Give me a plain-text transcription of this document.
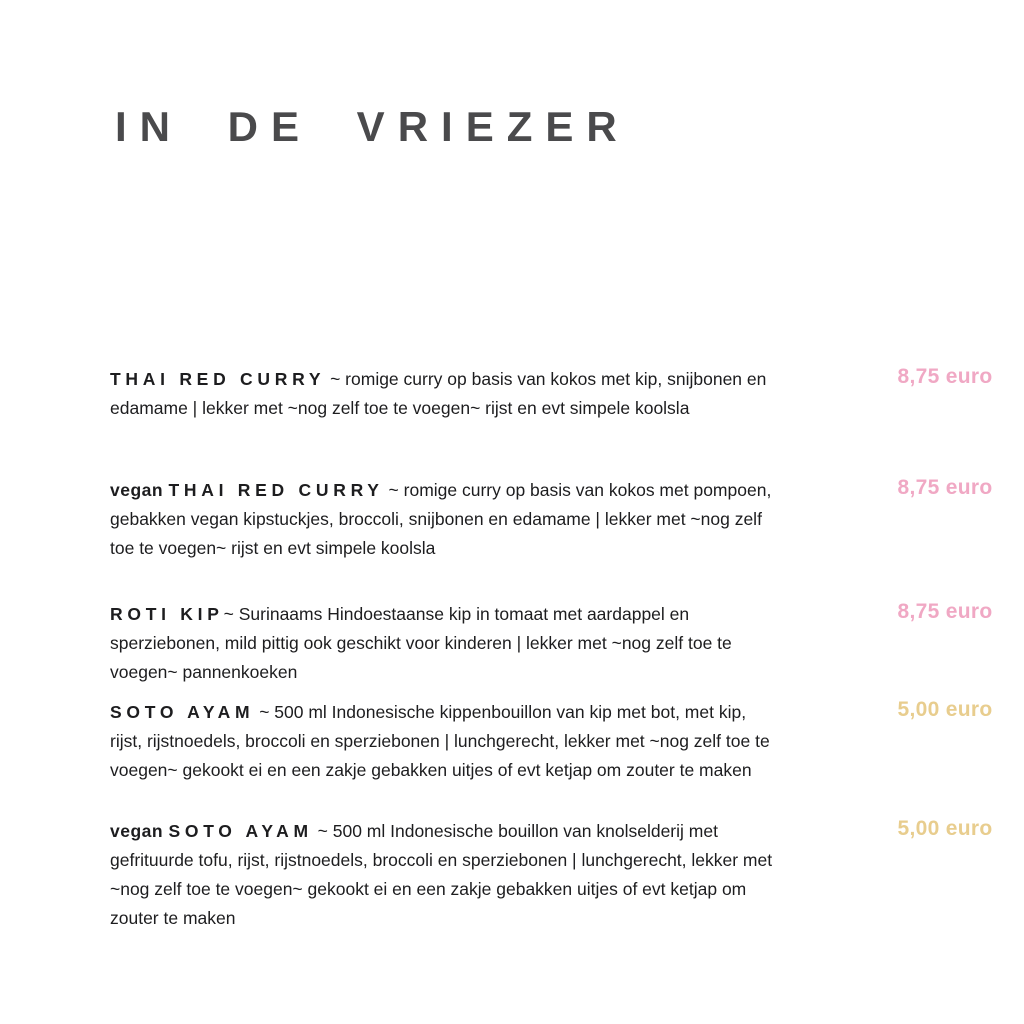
IN DE VRIEZER
THAI RED CURRY ~ romige curry op basis van kokos met kip, snijbonen en edamame | lekker met ~nog zelf toe te voegen~ rijst en evt simpele koolsla
8,75 euro
vegan THAI RED CURRY ~ romige curry op basis van kokos met pompoen, gebakken vegan kipstuckjes, broccoli, snijbonen en edamame | lekker met ~nog zelf toe te voegen~ rijst en evt simpele koolsla
8,75 euro
ROTI KIP~ Surinaams Hindoestaanse kip in tomaat met aardappel en sperziebonen, mild pittig ook geschikt voor kinderen | lekker met ~nog zelf toe te voegen~ pannenkoeken
8,75 euro
SOTO AYAM ~ 500 ml Indonesische kippenbouillon van kip met bot, met kip, rijst, rijstnoedels, broccoli en sperziebonen | lunchgerecht, lekker met ~nog zelf toe te voegen~ gekookt ei en een zakje gebakken uitjes of evt ketjap om zouter te maken
5,00 euro
vegan SOTO AYAM ~ 500 ml Indonesische bouillon van knolselderij met gefrituurde tofu, rijst, rijstnoedels, broccoli en sperziebonen | lunchgerecht, lekker met ~nog zelf toe te voegen~ gekookt ei en een zakje gebakken uitjes of evt ketjap om zouter te maken
5,00 euro
